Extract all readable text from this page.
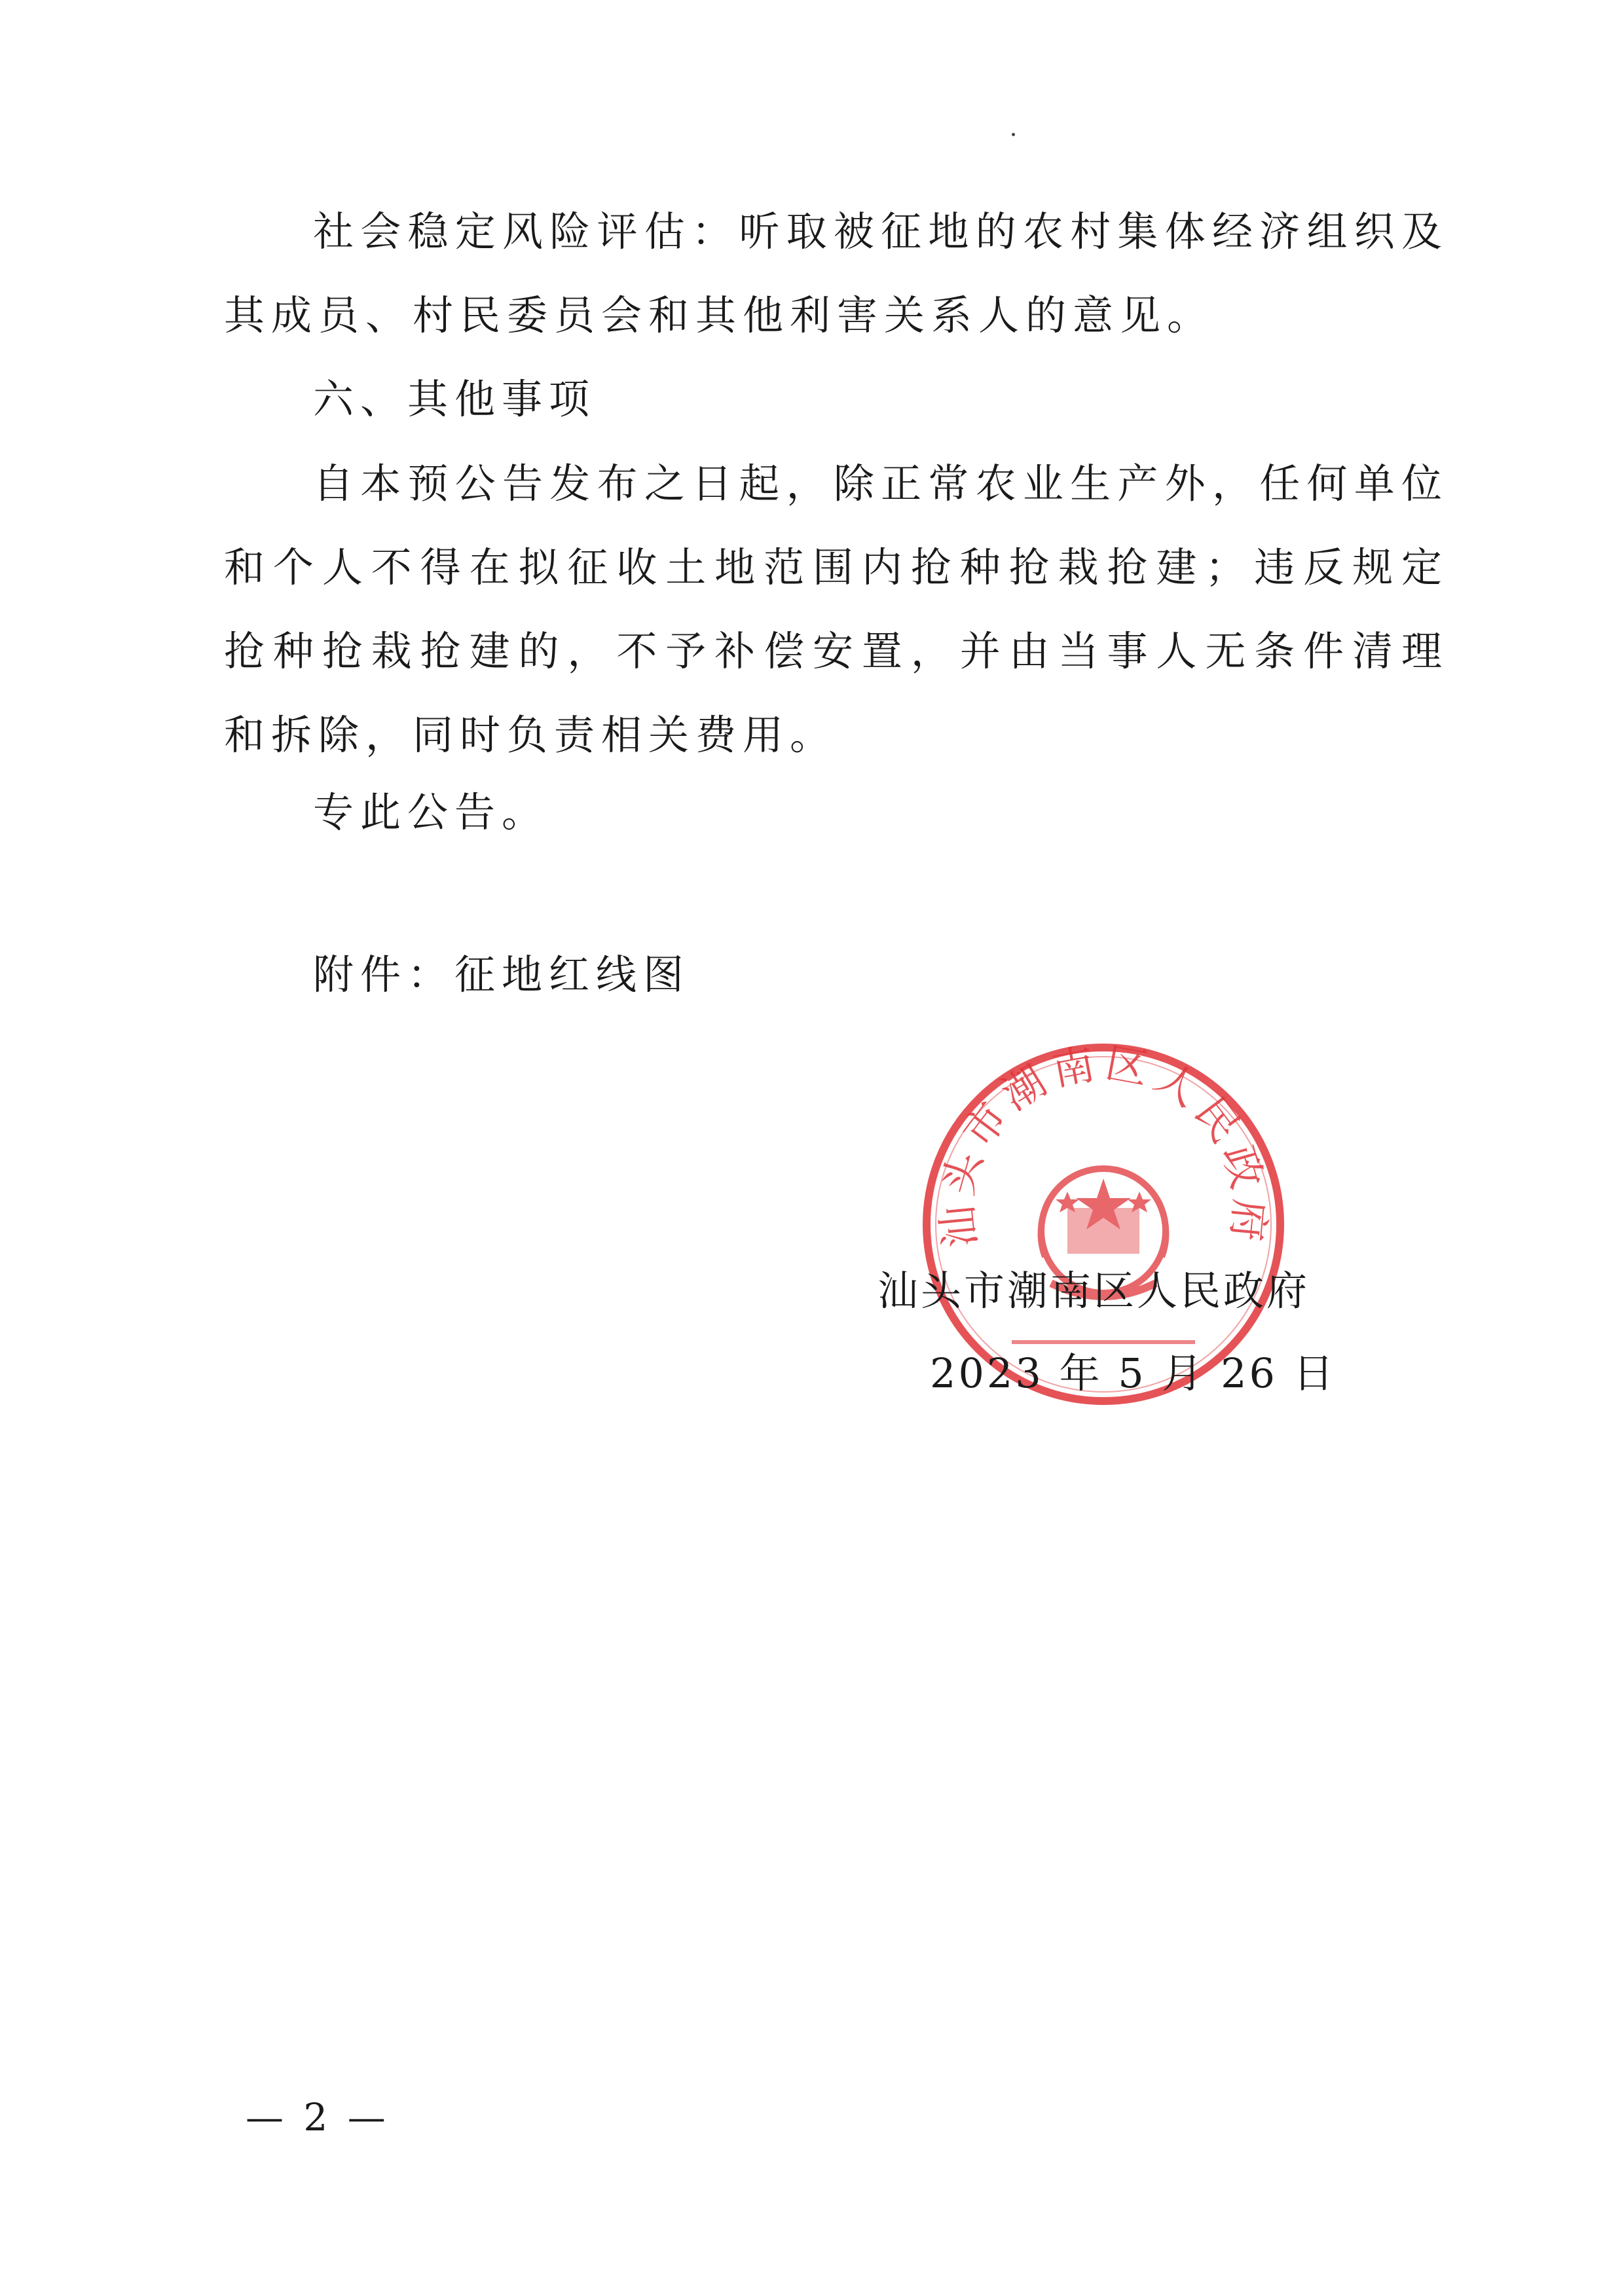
社会稳定风险评估：听取被征地的农村集体经济组织及其成员、村民委员会和其他利害关系人的意见。

六、其他事项

自本预公告发布之日起，除正常农业生产外，任何单位和个人不得在拟征收土地范围内抢种抢栽抢建；违反规定抢种抢栽抢建的，不予补偿安置，并由当事人无条件清理和拆除，同时负责相关费用。

专此公告。

附件：征地红线图

汕头市潮南区人民政府

汕头市潮南区人民政府

2023 年 5 月 26 日

— 2 —
